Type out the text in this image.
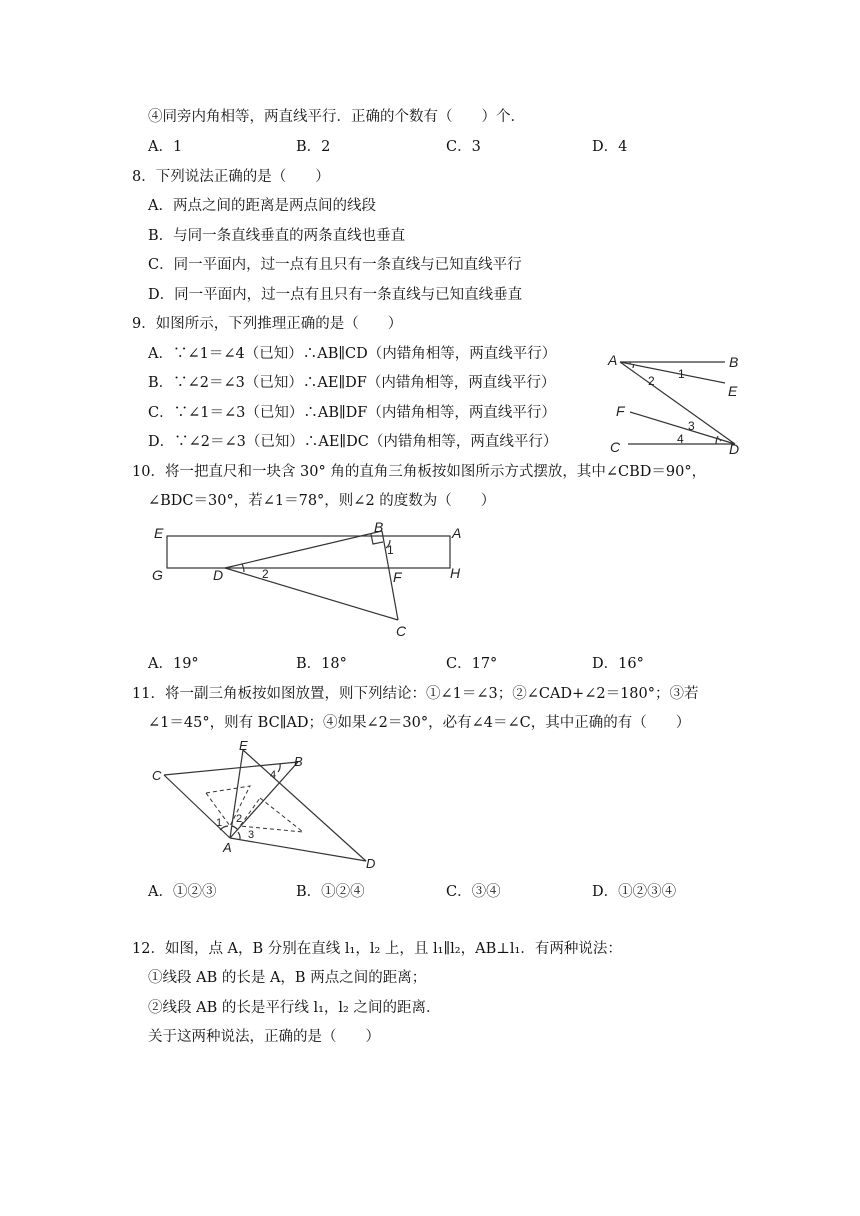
④同旁内角相等，两直线平行．正确的个数有（　　）个．
A．1	B．2	C．3	D．4
8．下列说法正确的是（　　）
A．两点之间的距离是两点间的线段
B．与同一条直线垂直的两条直线也垂直
C．同一平面内，过一点有且只有一条直线与已知直线平行
D．同一平面内，过一点有且只有一条直线与已知直线垂直
9．如图所示，下列推理正确的是（　　）
A．∵∠1＝∠4（已知）∴AB∥CD（内错角相等，两直线平行）
B．∵∠2＝∠3（已知）∴AE∥DF（内错角相等，两直线平行）
C．∵∠1＝∠3（已知）∴AB∥DF（内错角相等，两直线平行）
D．∵∠2＝∠3（已知）∴AE∥DC（内错角相等，两直线平行）
A	B
E
F
C	D
1
2
3
4
10．将一把直尺和一块含 30° 角的直角三角板按如图所示方式摆放，其中∠CBD＝90°，
∠BDC＝30°，若∠1＝78°，则∠2 的度数为（　　）
E	A
G	H
B
D	F
C
1
2
A．19°	B．18°	C．17°	D．16°
11．将一副三角板按如图放置，则下列结论：①∠1＝∠3；②∠CAD+∠2＝180°；③若
∠1＝45°，则有 BC∥AD；④如果∠2＝30°，必有∠4＝∠C，其中正确的有（　　）
E
B
C
A
D
1 2
3
4
A．①②③	B．①②④	C．③④	D．①②③④
12．如图，点 A，B 分别在直线 l₁，l₂ 上，且 l₁∥l₂，AB⊥l₁．有两种说法：
①线段 AB 的长是 A，B 两点之间的距离；
②线段 AB 的长是平行线 l₁，l₂ 之间的距离．
关于这两种说法，正确的是（　　）
